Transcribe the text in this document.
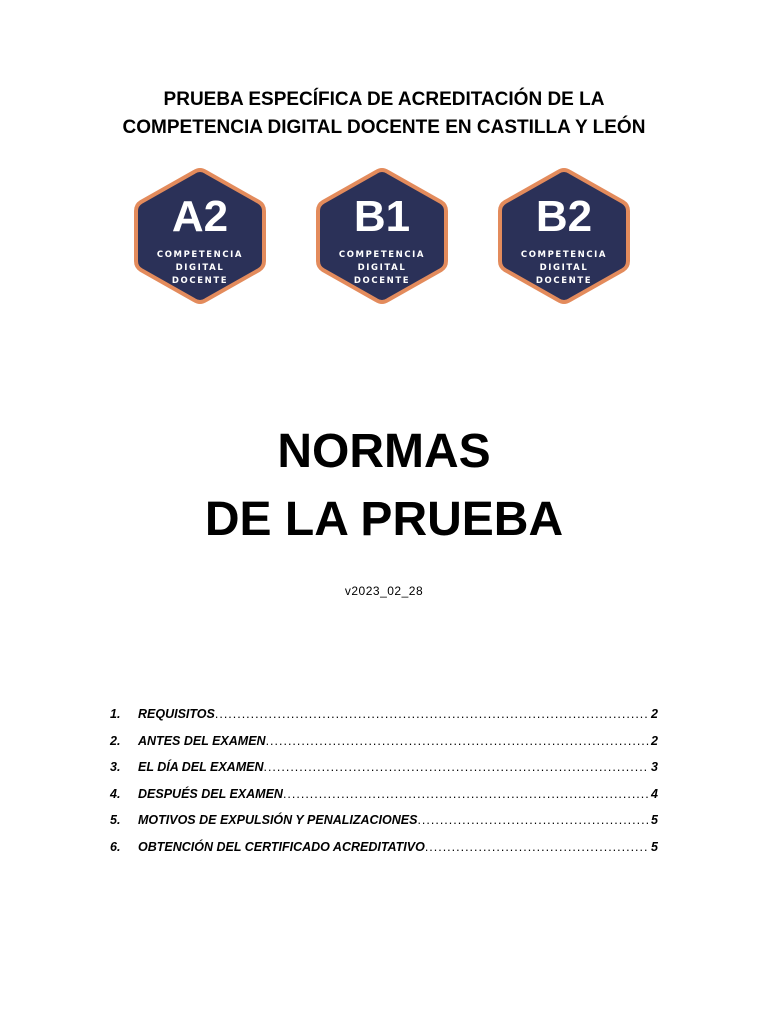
PRUEBA ESPECÍFICA DE ACREDITACIÓN DE LA
COMPETENCIA DIGITAL DOCENTE EN CASTILLA Y LEÓN
A2
COMPETENCIA
DIGITAL
DOCENTE
B1
COMPETENCIA
DIGITAL
DOCENTE
B2
COMPETENCIA
DIGITAL
DOCENTE
NORMAS
DE LA PRUEBA
v2023_02_28
1.	REQUISITOS .....	2
2.	ANTES DEL EXAMEN .....	2
3.	EL DÍA DEL EXAMEN .....	3
4.	DESPUÉS DEL EXAMEN .....	4
5.	MOTIVOS DE EXPULSIÓN Y PENALIZACIONES .....	5
6.	OBTENCIÓN DEL CERTIFICADO ACREDITATIVO .....	5
